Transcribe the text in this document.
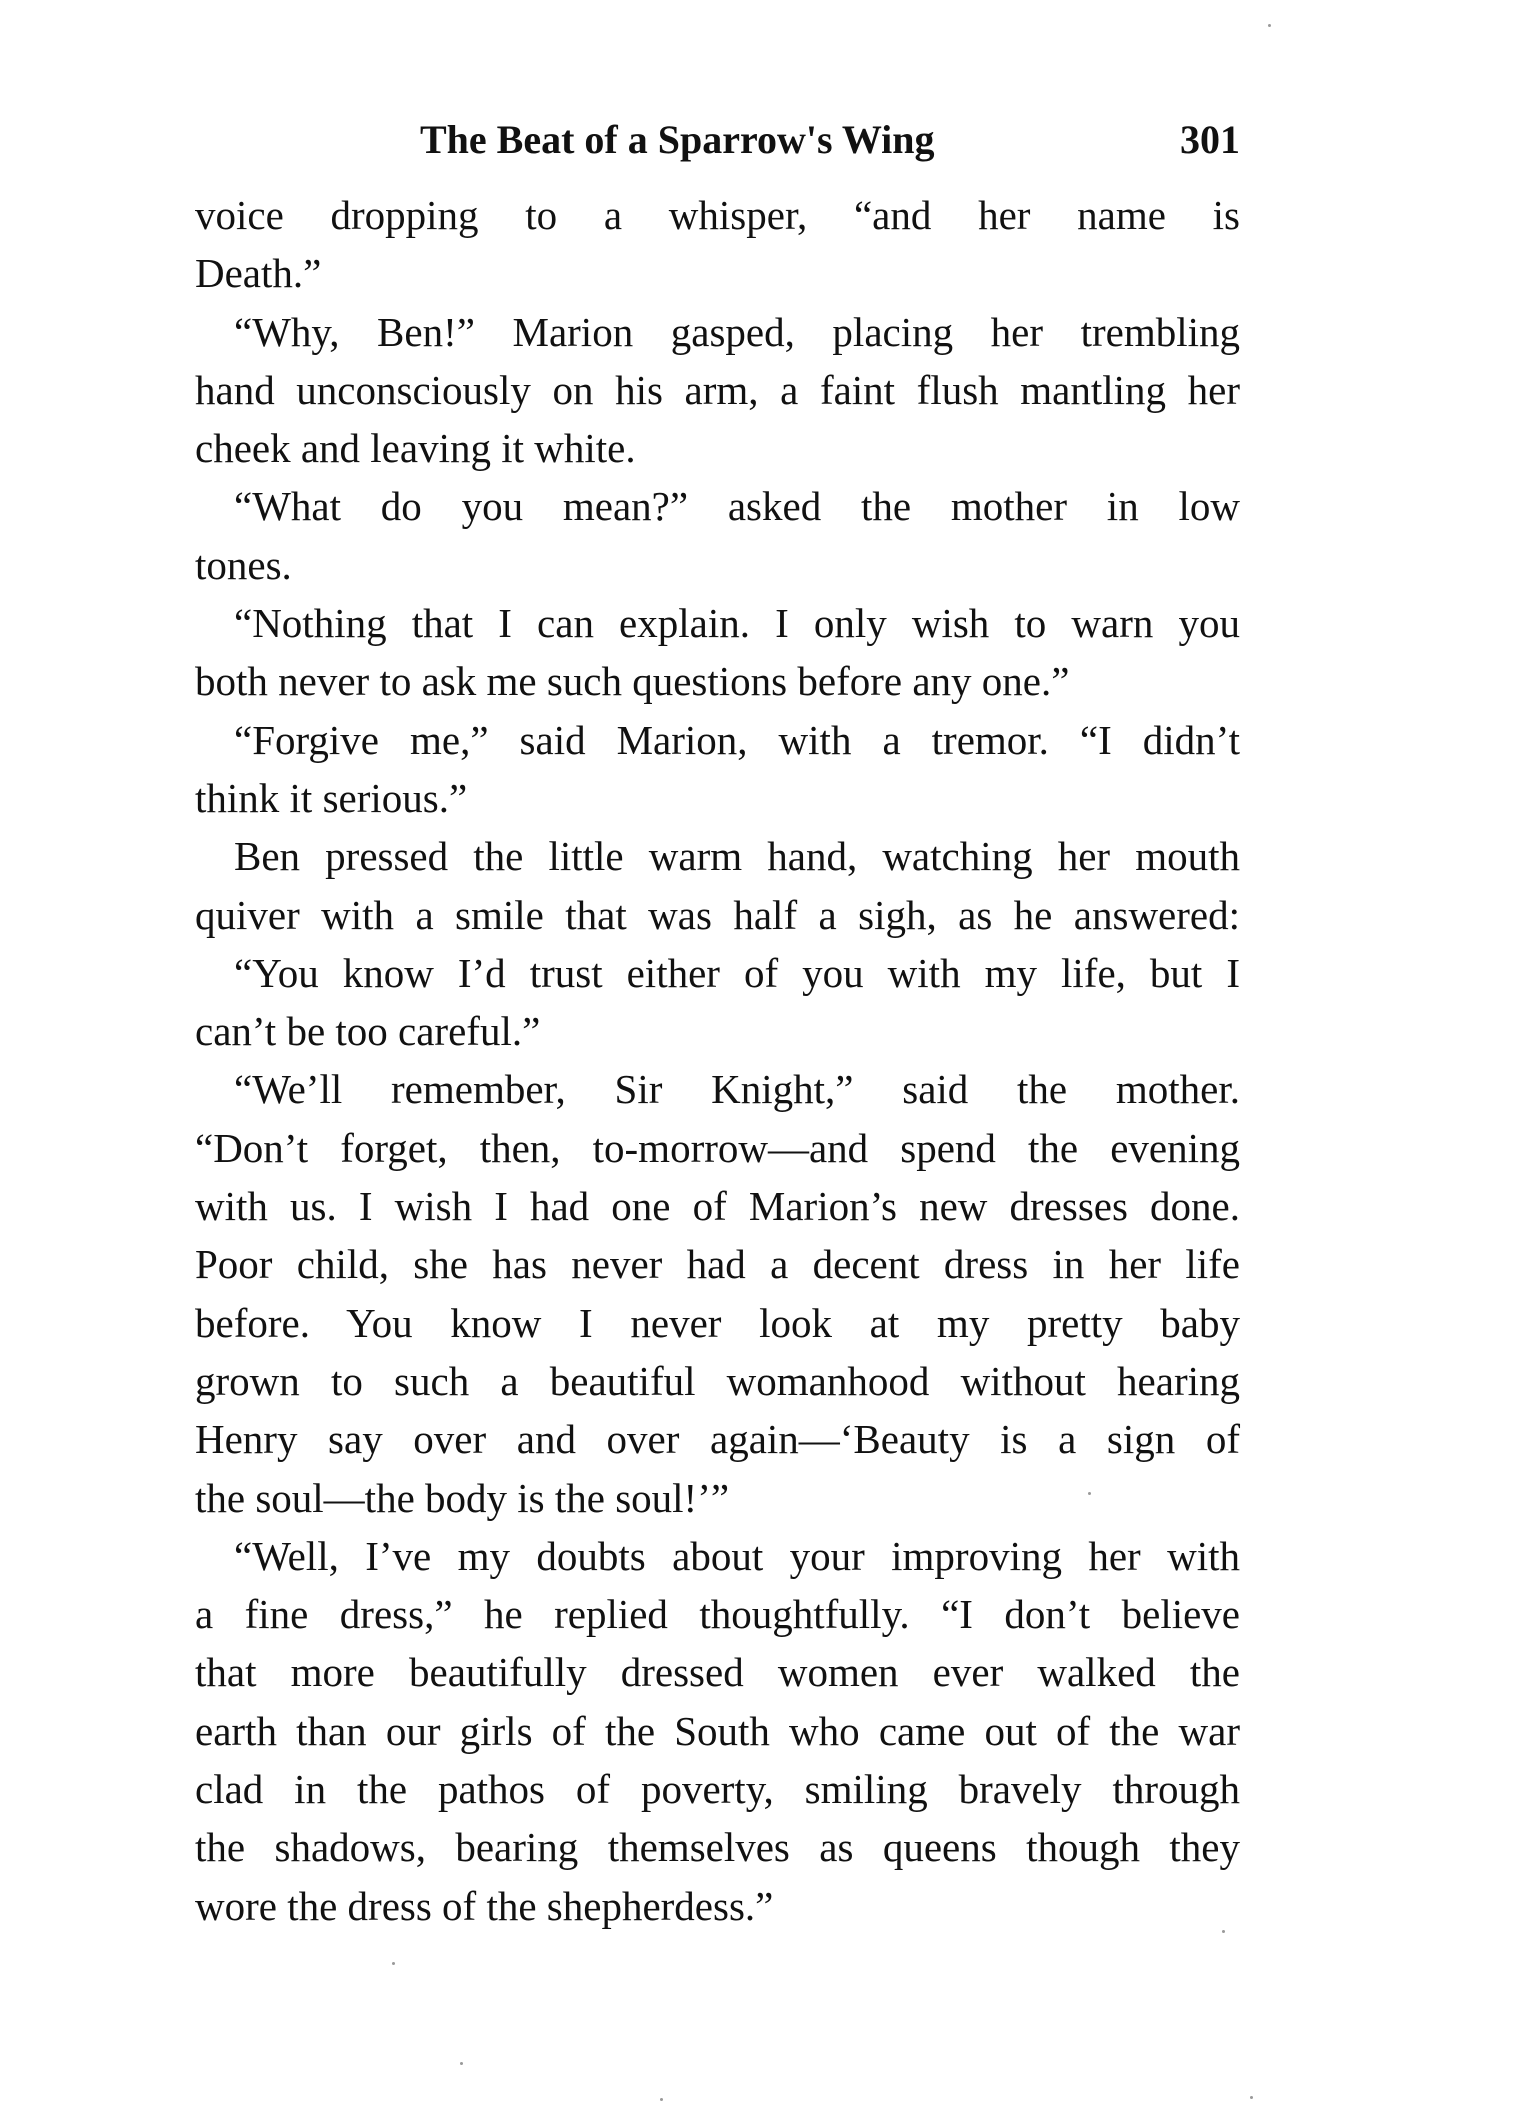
The Beat of a Sparrow's Wing	301
voice dropping to a whisper, “and her name is
Death.”
“Why, Ben!” Marion gasped, placing her trembling
hand unconsciously on his arm, a faint flush mantling her
cheek and leaving it white.
“What do you mean?” asked the mother in low
tones.
“Nothing that I can explain. I only wish to warn you
both never to ask me such questions before any one.”
“Forgive me,” said Marion, with a tremor. “I didn’t
think it serious.”
Ben pressed the little warm hand, watching her mouth
quiver with a smile that was half a sigh, as he answered:
“You know I’d trust either of you with my life, but I
can’t be too careful.”
“We’ll remember, Sir Knight,” said the mother.
“Don’t forget, then, to-morrow—and spend the evening
with us. I wish I had one of Marion’s new dresses done.
Poor child, she has never had a decent dress in her life
before. You know I never look at my pretty baby
grown to such a beautiful womanhood without hearing
Henry say over and over again—‘Beauty is a sign of
the soul—the body is the soul!’”
“Well, I’ve my doubts about your improving her with
a fine dress,” he replied thoughtfully. “I don’t believe
that more beautifully dressed women ever walked the
earth than our girls of the South who came out of the war
clad in the pathos of poverty, smiling bravely through
the shadows, bearing themselves as queens though they
wore the dress of the shepherdess.”
